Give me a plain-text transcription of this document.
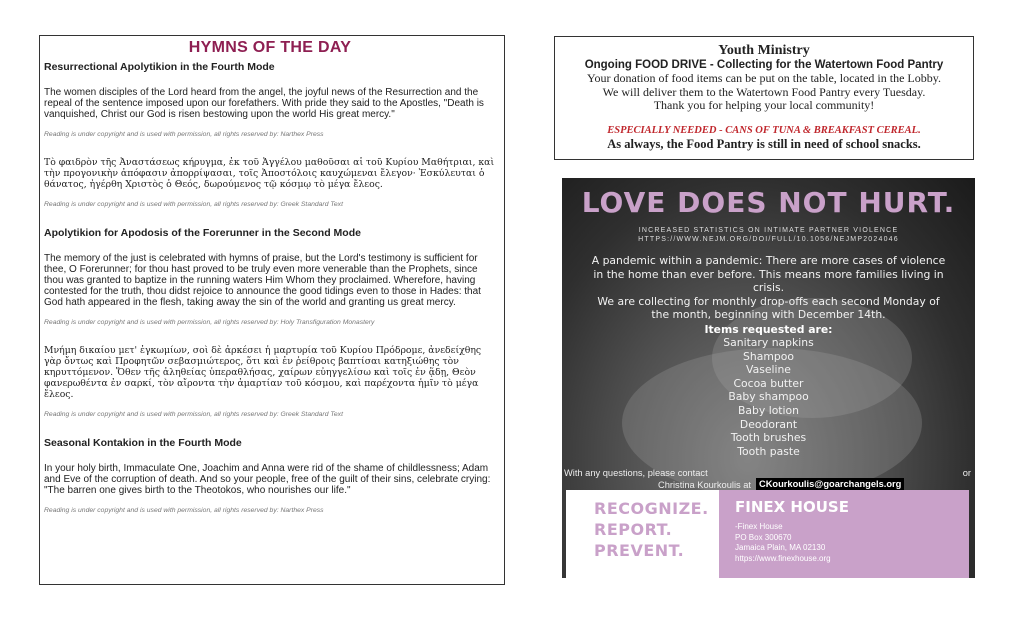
HYMNS OF THE DAY
Resurrectional Apolytikion in the Fourth Mode

The women disciples of the Lord heard from the angel, the joyful news of the Resurrection and the repeal of the sentence imposed upon our forefathers. With pride they said to the Apostles, "Death is vanquished, Christ our God is risen bestowing upon the world His great mercy."

Reading is under copyright and is used with permission, all rights reserved by: Narthex Press

Τὸ φαιδρὸν τῆς Ἀναστάσεως κήρυγμα, ἐκ τοῦ Ἀγγέλου μαθοῦσαι αἱ τοῦ Κυρίου Μαθήτριαι, καὶ τὴν προγονικὴν ἀπόφασιν ἀπορρίψασαι, τοῖς Ἀποστόλοις καυχώμεναι ἔλεγον· Ἐσκύλευται ὁ θάνατος, ἠγέρθη Χριστὸς ὁ Θεός, δωρούμενος τῷ κόσμῳ τὸ μέγα ἔλεος.

Reading is under copyright and is used with permission, all rights reserved by: Greek Standard Text

Apolytikion for Apodosis of the Forerunner in the Second Mode

The memory of the just is celebrated with hymns of praise, but the Lord's testimony is sufficient for thee, O Forerunner; for thou hast proved to be truly even more venerable than the Prophets, since thou was granted to baptize in the running waters Him Whom they proclaimed. Wherefore, having contested for the truth, thou didst rejoice to announce the good tidings even to those in Hades: that God hath appeared in the flesh, taking away the sin of the world and granting us great mercy.

Reading is under copyright and is used with permission, all rights reserved by: Holy Transfiguration Monastery

Μνήμη δικαίου μετ' ἐγκωμίων, σοὶ δὲ ἀρκέσει ἡ μαρτυρία τοῦ Κυρίου Πρόδρομε, ἀνεδείχθης γὰρ ὄντως καὶ Προφητῶν σεβασμιώτερος, ὅτι καὶ ἐν ῥείθροις βαπτίσαι κατηξιώθης τὸν κηρυττόμενον. Ὅθεν τῆς ἀληθείας ὑπεραθλήσας, χαίρων εὐηγγελίσω καὶ τοῖς ἐν ᾅδῃ, Θεὸν φανερωθέντα ἐν σαρκί, τὸν αἴροντα τὴν ἁμαρτίαν τοῦ κόσμου, καὶ παρέχοντα ἡμῖν τὸ μέγα ἔλεος.

Reading is under copyright and is used with permission, all rights reserved by: Greek Standard Text

Seasonal Kontakion in the Fourth Mode

In your holy birth, Immaculate One, Joachim and Anna were rid of the shame of childlessness; Adam and Eve of the corruption of death. And so your people, free of the guilt of their sins, celebrate crying: "The barren one gives birth to the Theotokos, who nourishes our life."

Reading is under copyright and is used with permission, all rights reserved by: Narthex Press

Youth Ministry
Ongoing FOOD DRIVE - Collecting for the Watertown Food Pantry
Your donation of food items can be put on the table, located in the Lobby.
We will deliver them to the Watertown Food Pantry every Tuesday.
Thank you for helping your local community!
ESPECIALLY NEEDED - CANS OF TUNA & BREAKFAST CEREAL.
As always, the Food Pantry is still in need of school snacks.
LOVE DOES NOT HURT.
INCREASED STATISTICS ON INTIMATE PARTNER VIOLENCE
HTTPS://WWW.NEJM.ORG/DOI/FULL/10.1056/NEJMP2024046
A pandemic within a pandemic: There are more cases of violence
in the home than ever before. This means more families living in
crisis.
We are collecting for monthly drop-offs each second Monday of
the month, beginning with December 14th.
Items requested are:
Sanitary napkins
Shampoo
Vaseline
Cocoa butter
Baby shampoo
Baby lotion
Deodorant
Tooth brushes
Tooth paste
With any questions, please contact	or
Christina Kourkoulis at CKourkoulis@goarchangels.org
RECOGNIZE.
REPORT.
PREVENT.
FINEX HOUSE
-Finex House
PO Box 300670
Jamaica Plain, MA 02130
https://www.finexhouse.org
